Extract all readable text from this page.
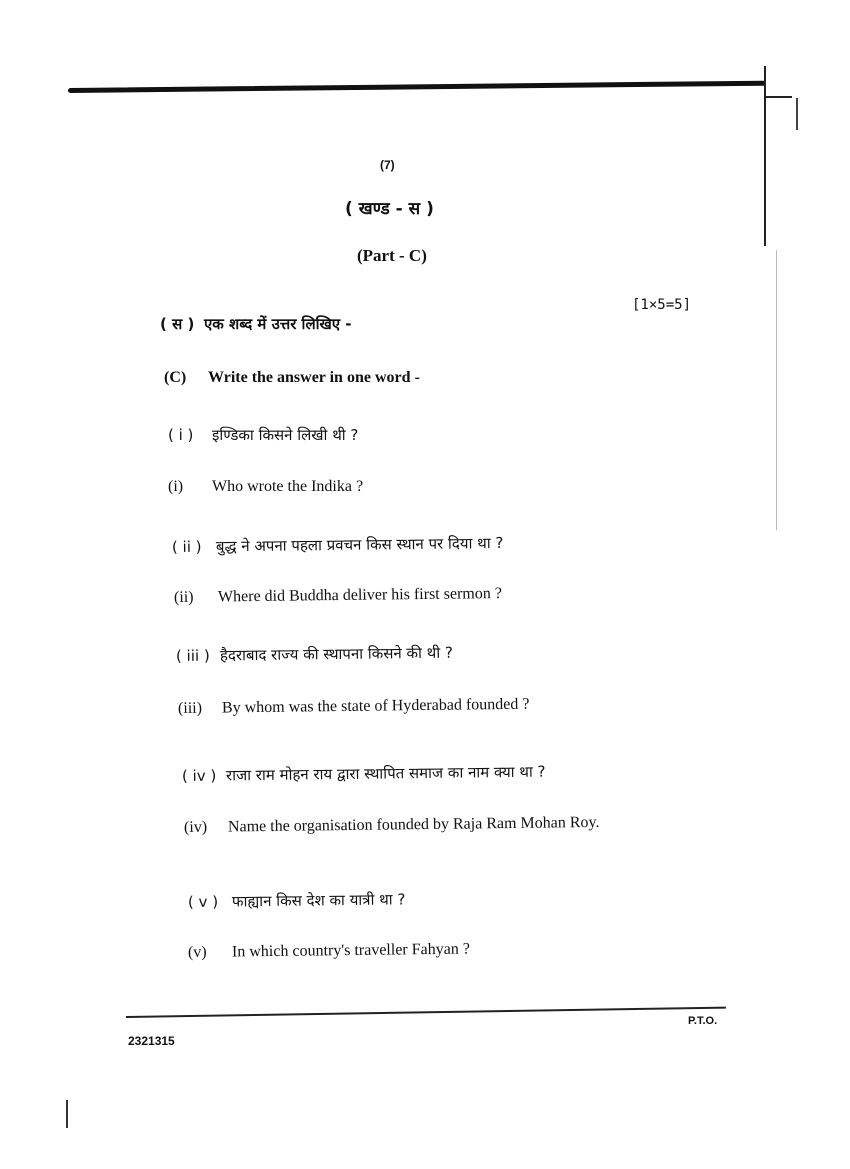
(7)
( खण्ड - स )
(Part - C)
[1×5=5]
( स ) एक शब्द में उत्तर लिखिए -
(C) Write the answer in one word -
( i ) इण्डिका किसने लिखी थी ?
(i) Who wrote the Indika ?
( ii ) बुद्ध ने अपना पहला प्रवचन किस स्थान पर दिया था ?
(ii) Where did Buddha deliver his first sermon ?
( iii ) हैदराबाद राज्य की स्थापना किसने की थी ?
(iii) By whom was the state of Hyderabad founded ?
( iv ) राजा राम मोहन राय द्वारा स्थापित समाज का नाम क्या था ?
(iv) Name the organisation founded by Raja Ram Mohan Roy.
( v ) फाह्यान किस देश का यात्री था ?
(v) In which country's traveller Fahyan ?
P.T.O.
2321315
